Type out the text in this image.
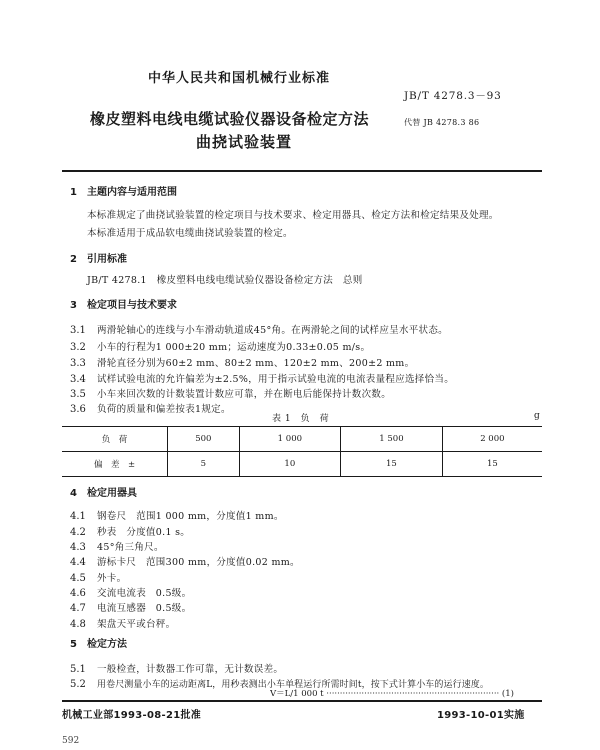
中华人民共和国机械行业标准
JB/T 4278.3－93
橡皮塑料电线电缆试验仪器设备检定方法	代替 JB 4278.3 86
曲挠试验装置
1　 主题内容与适用范围
本标准规定了曲挠试验装置的检定项目与技术要求、检定用器具、检定方法和检定结果及处理。
本标准适用于成品软电缆曲挠试验装置的检定。
2　 引用标准
JB/T 4278.1　 橡皮塑料电线电缆试验仪器设备检定方法　总则
3　 检定项目与技术要求
3.1 两滑轮轴心的连线与小车滑动轨道成45°角。在两滑轮之间的试样应呈水平状态。
3.2 小车的行程为1 000±20 mm；运动速度为0.33±0.05 m/s。
3.3 滑轮直径分别为60±2 mm、80±2 mm、120±2 mm、200±2 mm。
3.4 试样试验电流的允许偏差为±2.5%，用于指示试验电流的电流表量程应选择恰当。
3.5 小车来回次数的计数装置计数应可靠，并在断电后能保持计数次数。
3.6 负荷的质量和偏差按表1规定。
表 1　负　荷	g
负　荷	500	1 000	1 500	2 000
偏　差　±	5	10	15	15
4　 检定用器具
4.1 钢卷尺　范围1 000 mm，分度值1 mm。
4.2 秒表　分度值0.1 s。
4.3 45°角三角尺。
4.4 游标卡尺　范围300 mm，分度值0.02 mm。
4.5 外卡。
4.6 交流电流表　0.5级。
4.7 电流互感器　0.5级。
4.8 架盘天平或台秤。
5　 检定方法
5.1 一般检查，计数器工作可靠，无计数误差。
5.2 用卷尺测量小车的运动距离L，用秒表测出小车单程运行所需时间t，按下式计算小车的运行速度。
V＝L/1 000 t ································································ (1)
机械工业部1993-08-21批准	1993-10-01实施
592
